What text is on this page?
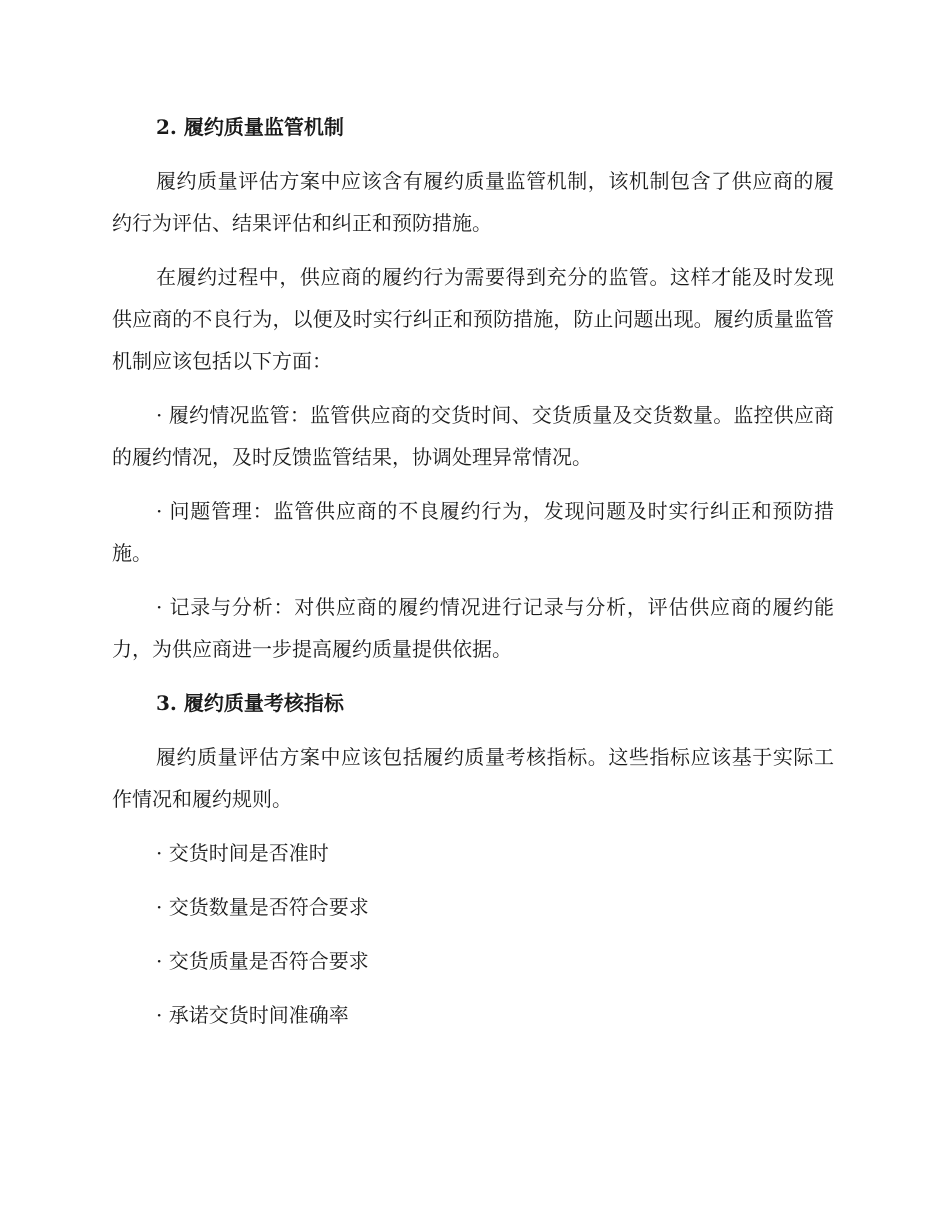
2. 履约质量监管机制

履约质量评估方案中应该含有履约质量监管机制，该机制包含了供应商的履约行为评估、结果评估和纠正和预防措施。

在履约过程中，供应商的履约行为需要得到充分的监管。这样才能及时发现供应商的不良行为，以便及时实行纠正和预防措施，防止问题出现。履约质量监管机制应该包括以下方面：

· 履约情况监管：监管供应商的交货时间、交货质量及交货数量。监控供应商的履约情况，及时反馈监管结果，协调处理异常情况。

· 问题管理：监管供应商的不良履约行为，发现问题及时实行纠正和预防措施。

· 记录与分析：对供应商的履约情况进行记录与分析，评估供应商的履约能力，为供应商进一步提高履约质量提供依据。

3. 履约质量考核指标

履约质量评估方案中应该包括履约质量考核指标。这些指标应该基于实际工作情况和履约规则。

· 交货时间是否准时
· 交货数量是否符合要求
· 交货质量是否符合要求
· 承诺交货时间准确率
